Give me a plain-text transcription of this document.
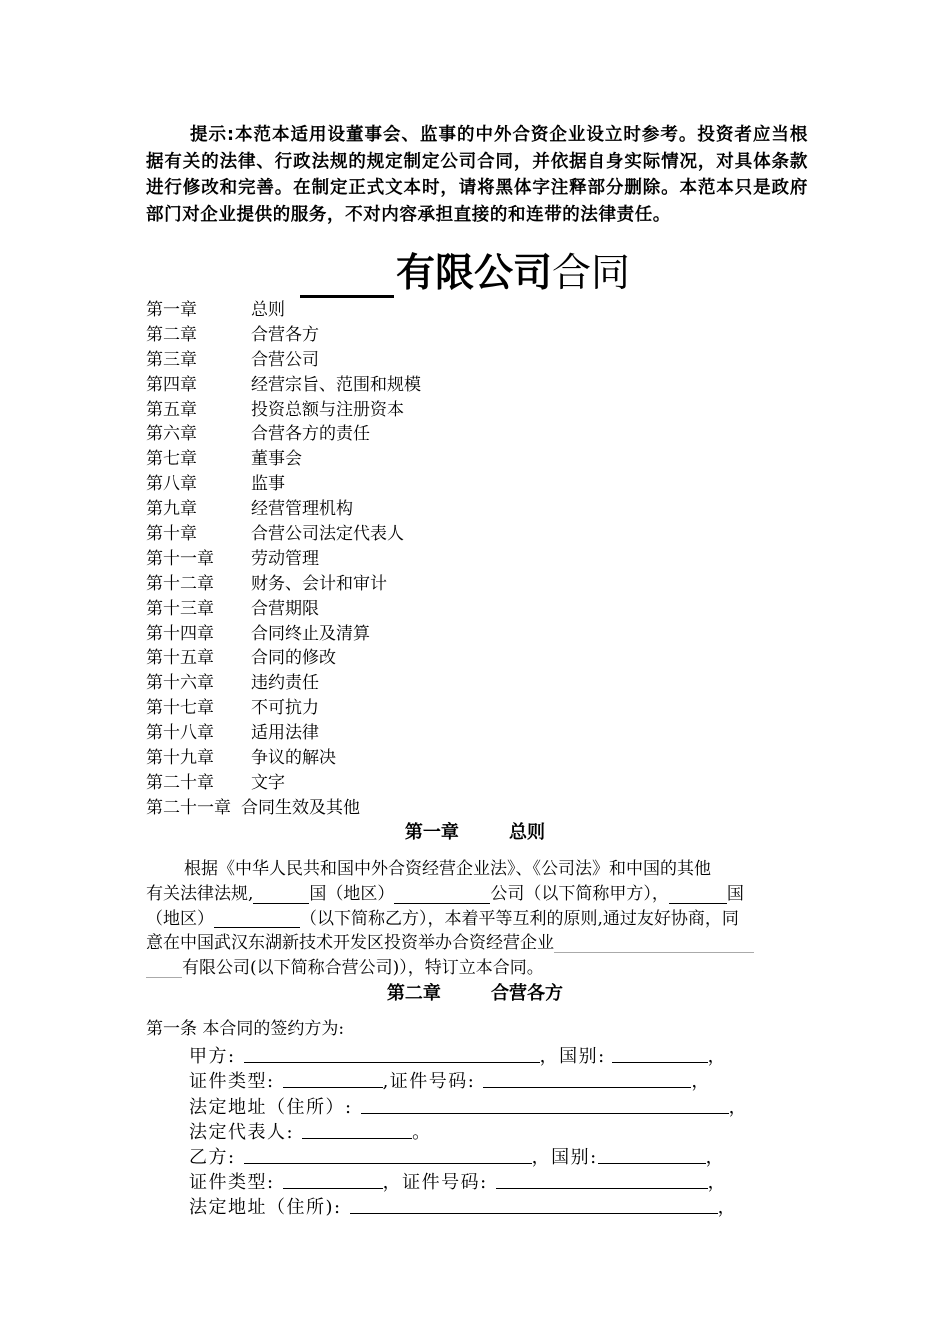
提示:本范本适用设董事会、监事的中外合资企业设立时参考。投资者应当根据有关的法律、行政法规的规定制定公司合同，并依据自身实际情况，对具体条款进行修改和完善。在制定正式文本时，请将黑体字注释部分删除。本范本只是政府部门对企业提供的服务，不对内容承担直接的和连带的法律责任。

有限公司 合同
第一章	总则
第二章	合营各方
第三章	合营公司
第四章	经营宗旨、范围和规模
第五章	投资总额与注册资本
第六章	合营各方的责任
第七章	董事会
第八章	监事
第九章	经营管理机构
第十章	合营公司法定代表人
第十一章	劳动管理
第十二章	财务、会计和审计
第十三章	合营期限
第十四章	合同终止及清算
第十五章	合同的修改
第十六章	违约责任
第十七章	不可抗力
第十八章	适用法律
第十九章	争议的解决
第二十章	文字
第二十一章 合同生效及其他
第一章        总则
根据《中华人民共和国中外合资经营企业法》、《公司法》和中国的其他
有关法律法规,	国（地区）	公司（以下简称甲方），	国
（地区）	（以下简称乙方），本着平等互利的原则,通过友好协商，同
意在中国武汉东湖新技术开发区投资举办合资经营企业
有限公司(以下简称合营公司)），特订立本合同。
第二章        合营各方
第一条 本合同的签约方为:
甲方:	，国别:	，
证件类型:	,证件号码:	，
法定地址（住所）:	，
法定代表人:	。
乙方:	，国别:	，
证件类型:	，证件号码:	，
法定地址（住所):	，
